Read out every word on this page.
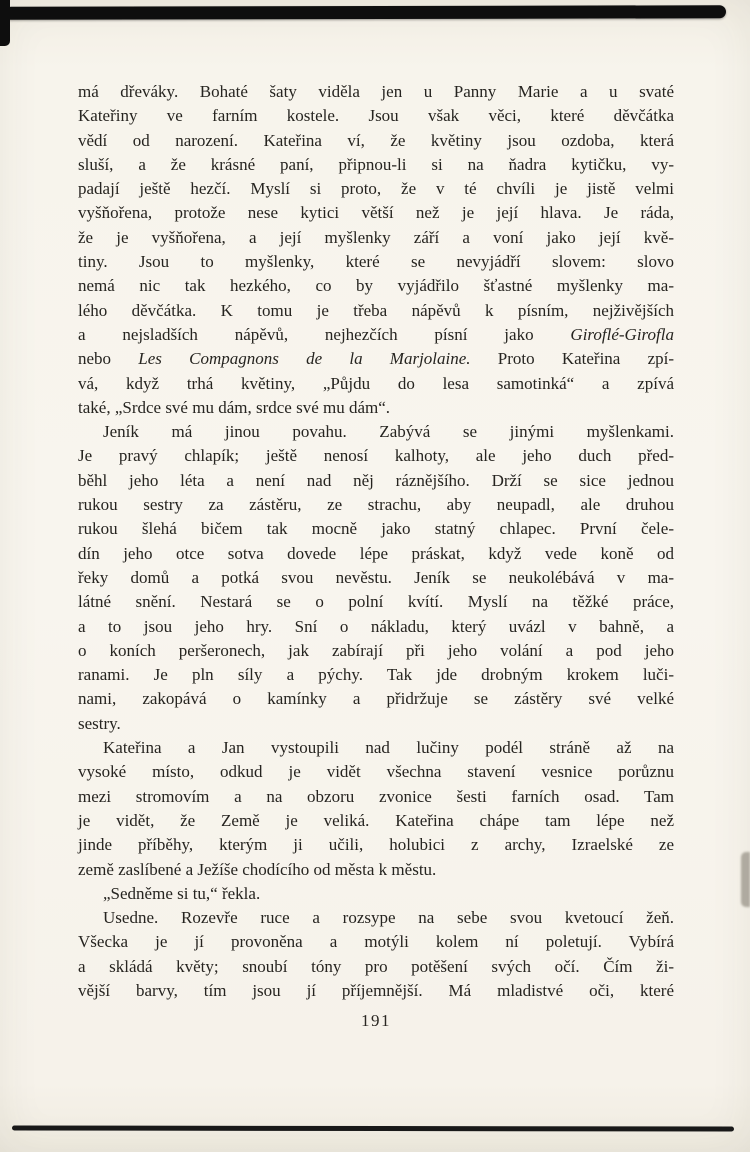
má dřeváky. Bohaté šaty viděla jen u Panny Marie a u svaté
Kateřiny ve farním kostele. Jsou však věci, které děvčátka
vědí od narození. Kateřina ví, že květiny jsou ozdoba, která
sluší, a že krásné paní, připnou-li si na ňadra kytičku, vy-
padají ještě hezčí. Myslí si proto, že v té chvíli je jistě velmi
vyšňořena, protože nese kytici větší než je její hlava. Je ráda,
že je vyšňořena, a její myšlenky září a voní jako její kvě-
tiny. Jsou to myšlenky, které se nevyjádří slovem: slovo
nemá nic tak hezkého, co by vyjádřilo šťastné myšlenky ma-
lého děvčátka. K tomu je třeba nápěvů k písním, nejživějších
a nejsladších nápěvů, nejhezčích písní jako Giroflé-Girofla
nebo Les Compagnons de la Marjolaine. Proto Kateřina zpí-
vá, když trhá květiny, „Půjdu do lesa samotinká“ a zpívá
také, „Srdce své mu dám, srdce své mu dám“.
Jeník má jinou povahu. Zabývá se jinými myšlenkami.
Je pravý chlapík; ještě nenosí kalhoty, ale jeho duch před-
běhl jeho léta a není nad něj ráznějšího. Drží se sice jednou
rukou sestry za zástěru, ze strachu, aby neupadl, ale druhou
rukou šlehá bičem tak mocně jako statný chlapec. První čele-
dín jeho otce sotva dovede lépe práskat, když vede koně od
řeky domů a potká svou nevěstu. Jeník se neukolébává v ma-
látné snění. Nestará se o polní kvítí. Myslí na těžké práce,
a to jsou jeho hry. Sní o nákladu, který uvázl v bahně, a
o koních peršeronech, jak zabírají při jeho volání a pod jeho
ranami. Je pln síly a pýchy. Tak jde drobným krokem luči-
nami, zakopává o kamínky a přidržuje se zástěry své velké
sestry.
Kateřina a Jan vystoupili nad lučiny podél stráně až na
vysoké místo, odkud je vidět všechna stavení vesnice porůznu
mezi stromovím a na obzoru zvonice šesti farních osad. Tam
je vidět, že Země je veliká. Kateřina chápe tam lépe než
jinde příběhy, kterým ji učili, holubici z archy, Izraelské ze
země zaslíbené a Ježíše chodícího od města k městu.
„Sedněme si tu,“ řekla.
Usedne. Rozevře ruce a rozsype na sebe svou kvetoucí žeň.
Všecka je jí provoněna a motýli kolem ní poletují. Vybírá
a skládá květy; snoubí tóny pro potěšení svých očí. Čím ži-
vější barvy, tím jsou jí příjemnější. Má mladistvé oči, které
191
